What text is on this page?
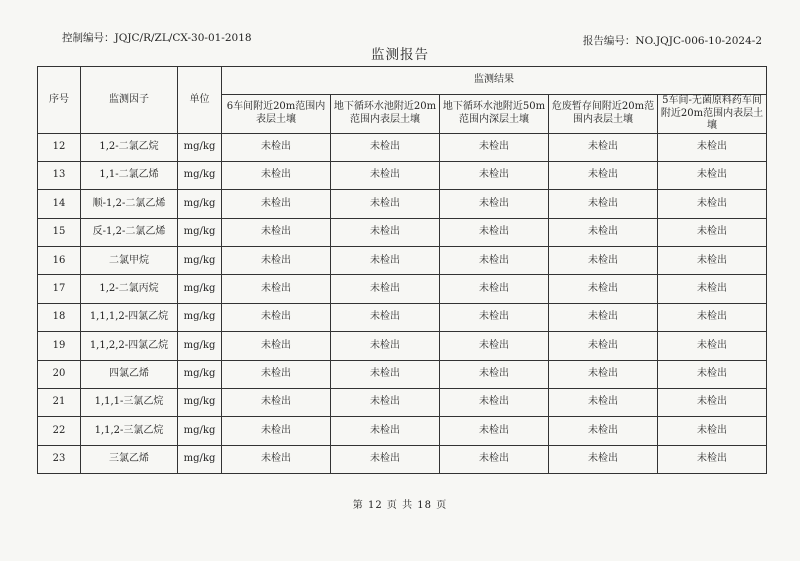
控制编号：JQJC/R/ZL/CX-30-01-2018	报告编号：NO.JQJC-006-10-2024-2
监测报告
序号	监测因子	单位	监测结果				
			6车间附近20m范围内表层土壤	地下循环水池附近20m范围内表层土壤	地下循环水池附近50m范围内深层土壤	危废暂存间附近20m范围内表层土壤	5车间-无菌原料药车间附近20m范围内表层土壤
12	1,2-二氯乙烷	mg/kg	未检出	未检出	未检出	未检出	未检出
13	1,1-二氯乙烯	mg/kg	未检出	未检出	未检出	未检出	未检出
14	顺-1,2-二氯乙烯	mg/kg	未检出	未检出	未检出	未检出	未检出
15	反-1,2-二氯乙烯	mg/kg	未检出	未检出	未检出	未检出	未检出
16	二氯甲烷	mg/kg	未检出	未检出	未检出	未检出	未检出
17	1,2-二氯丙烷	mg/kg	未检出	未检出	未检出	未检出	未检出
18	1,1,1,2-四氯乙烷	mg/kg	未检出	未检出	未检出	未检出	未检出
19	1,1,2,2-四氯乙烷	mg/kg	未检出	未检出	未检出	未检出	未检出
20	四氯乙烯	mg/kg	未检出	未检出	未检出	未检出	未检出
21	1,1,1-三氯乙烷	mg/kg	未检出	未检出	未检出	未检出	未检出
22	1,1,2-三氯乙烷	mg/kg	未检出	未检出	未检出	未检出	未检出
23	三氯乙烯	mg/kg	未检出	未检出	未检出	未检出	未检出
第 12 页 共 18 页
